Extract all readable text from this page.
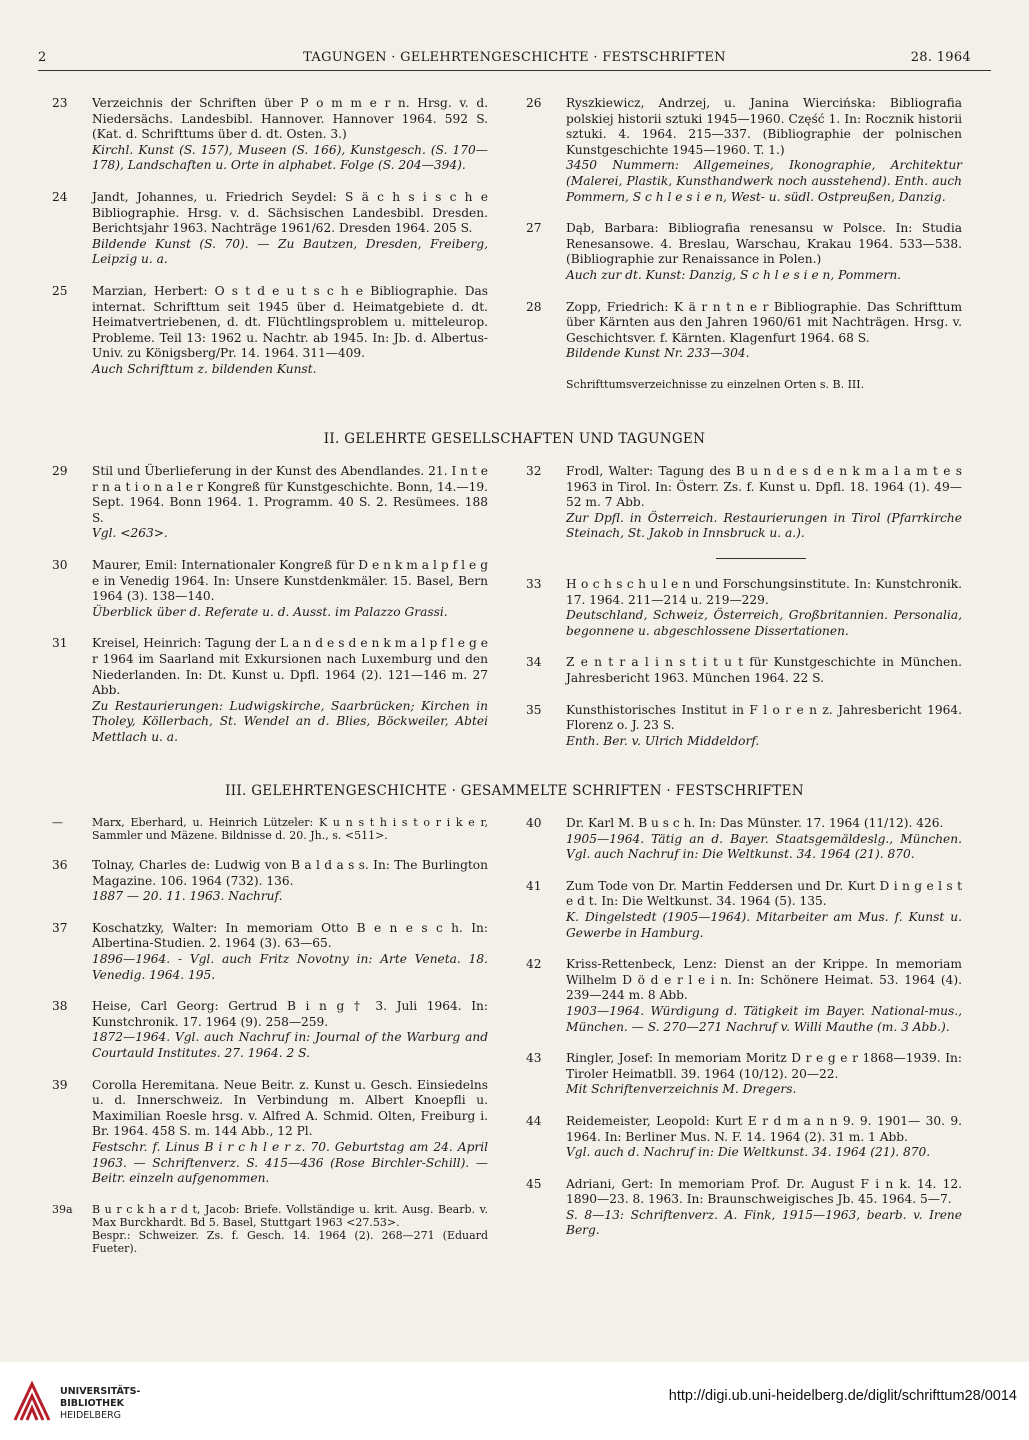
2	TAGUNGEN · GELEHRTENGESCHICHTE · FESTSCHRIFTEN	28. 1964
23	Verzeichnis der Schriften über P o m m e r n. Hrsg. v. d. Niedersächs. Landesbibl. Hannover. Hannover 1964. 592 S. (Kat. d. Schrifttums über d. dt. Osten. 3.)
Kirchl. Kunst (S. 157), Museen (S. 166), Kunstgesch. (S. 170—178), Landschaften u. Orte in alphabet. Folge (S. 204—394).
24	Jandt, Johannes, u. Friedrich Seydel: S ä c h s i s c h e Bibliographie. Hrsg. v. d. Sächsischen Landesbibl. Dresden. Berichtsjahr 1963. Nachträge 1961/62. Dresden 1964. 205 S.
Bildende Kunst (S. 70). — Zu Bautzen, Dresden, Freiberg, Leipzig u. a.
25	Marzian, Herbert: O s t d e u t s c h e Bibliographie. Das internat. Schrifttum seit 1945 über d. Heimatgebiete d. dt. Heimatvertriebenen, d. dt. Flüchtlingsproblem u. mitteleurop. Probleme. Teil 13: 1962 u. Nachtr. ab 1945. In: Jb. d. Albertus-Univ. zu Königsberg/Pr. 14. 1964. 311—409.
Auch Schrifttum z. bildenden Kunst.
26	Ryszkiewicz, Andrzej, u. Janina Wiercińska: Bibliografia polskiej historii sztuki 1945—1960. Część 1. In: Rocznik historii sztuki. 4. 1964. 215—337. (Bibliographie der polnischen Kunstgeschichte 1945—1960. T. 1.)
3450 Nummern: Allgemeines, Ikonographie, Architektur (Malerei, Plastik, Kunsthandwerk noch ausstehend). Enth. auch Pommern, S c h l e s i e n, West- u. südl. Ostpreußen, Danzig.
27	Dąb, Barbara: Bibliografia renesansu w Polsce. In: Studia Renesansowe. 4. Breslau, Warschau, Krakau 1964. 533—538. (Bibliographie zur Renaissance in Polen.)
Auch zur dt. Kunst: Danzig, S c h l e s i e n, Pommern.
28	Zopp, Friedrich: K ä r n t n e r Bibliographie. Das Schrifttum über Kärnten aus den Jahren 1960/61 mit Nachträgen. Hrsg. v. Geschichtsver. f. Kärnten. Klagenfurt 1964. 68 S.
Bildende Kunst Nr. 233—304.
Schrifttumsverzeichnisse zu einzelnen Orten s. B. III.
II. GELEHRTE GESELLSCHAFTEN UND TAGUNGEN
29	Stil und Überlieferung in der Kunst des Abendlandes. 21. I n t e r n a t i o n a l e r Kongreß für Kunstgeschichte. Bonn, 14.—19. Sept. 1964. Bonn 1964. 1. Programm. 40 S. 2. Resümees. 188 S.
Vgl. <263>.
30	Maurer, Emil: Internationaler Kongreß für D e n k m a l p f l e g e in Venedig 1964. In: Unsere Kunstdenkmäler. 15. Basel, Bern 1964 (3). 138—140.
Überblick über d. Referate u. d. Ausst. im Palazzo Grassi.
31	Kreisel, Heinrich: Tagung der L a n d e s d e n k m a l p f l e g e r 1964 im Saarland mit Exkursionen nach Luxemburg und den Niederlanden. In: Dt. Kunst u. Dpfl. 1964 (2). 121—146 m. 27 Abb.
Zu Restaurierungen: Ludwigskirche, Saarbrücken; Kirchen in Tholey, Köllerbach, St. Wendel an d. Blies, Böckweiler, Abtei Mettlach u. a.
32	Frodl, Walter: Tagung des B u n d e s d e n k m a l a m t e s 1963 in Tirol. In: Österr. Zs. f. Kunst u. Dpfl. 18. 1964 (1). 49—52 m. 7 Abb.
Zur Dpfl. in Österreich. Restaurierungen in Tirol (Pfarrkirche Steinach, St. Jakob in Innsbruck u. a.).
33	H o c h s c h u l e n und Forschungsinstitute. In: Kunstchronik. 17. 1964. 211—214 u. 219—229.
Deutschland, Schweiz, Österreich, Großbritannien. Personalia, begonnene u. abgeschlossene Dissertationen.
34	Z e n t r a l i n s t i t u t für Kunstgeschichte in München. Jahresbericht 1963. München 1964. 22 S.
35	Kunsthistorisches Institut in F l o r e n z. Jahresbericht 1964. Florenz o. J. 23 S.
Enth. Ber. v. Ulrich Middeldorf.
III. GELEHRTENGESCHICHTE · GESAMMELTE SCHRIFTEN · FESTSCHRIFTEN
—	Marx, Eberhard, u. Heinrich Lützeler: K u n s t h i s t o r i k e r, Sammler und Mäzene. Bildnisse d. 20. Jh., s. <511>.
36	Tolnay, Charles de: Ludwig von B a l d a s s. In: The Burlington Magazine. 106. 1964 (732). 136.
1887 — 20. 11. 1963. Nachruf.
37	Koschatzky, Walter: In memoriam Otto B e n e s c h. In: Albertina-Studien. 2. 1964 (3). 63—65.
1896—1964. - Vgl. auch Fritz Novotny in: Arte Veneta. 18. Venedig. 1964. 195.
38	Heise, Carl Georg: Gertrud B i n g † 3. Juli 1964. In: Kunstchronik. 17. 1964 (9). 258—259.
1872—1964. Vgl. auch Nachruf in: Journal of the Warburg and Courtauld Institutes. 27. 1964. 2 S.
39	Corolla Heremitana. Neue Beitr. z. Kunst u. Gesch. Einsiedelns u. d. Innerschweiz. In Verbindung m. Albert Knoepfli u. Maximilian Roesle hrsg. v. Alfred A. Schmid. Olten, Freiburg i. Br. 1964. 458 S. m. 144 Abb., 12 Pl.
Festschr. f. Linus B i r c h l e r z. 70. Geburtstag am 24. April 1963. — Schriftenverz. S. 415—436 (Rose Birchler-Schill). — Beitr. einzeln aufgenommen.
39a	B u r c k h a r d t, Jacob: Briefe. Vollständige u. krit. Ausg. Bearb. v. Max Burckhardt. Bd 5. Basel, Stuttgart 1963 <27.53>.
Bespr.: Schweizer. Zs. f. Gesch. 14. 1964 (2). 268—271 (Eduard Fueter).
40	Dr. Karl M. B u s c h. In: Das Münster. 17. 1964 (11/12). 426.
1905—1964. Tätig an d. Bayer. Staatsgemäldeslg., München. Vgl. auch Nachruf in: Die Weltkunst. 34. 1964 (21). 870.
41	Zum Tode von Dr. Martin Feddersen und Dr. Kurt D i n g e l s t e d t. In: Die Weltkunst. 34. 1964 (5). 135.
K. Dingelstedt (1905—1964). Mitarbeiter am Mus. f. Kunst u. Gewerbe in Hamburg.
42	Kriss-Rettenbeck, Lenz: Dienst an der Krippe. In memoriam Wilhelm D ö d e r l e i n. In: Schönere Heimat. 53. 1964 (4). 239—244 m. 8 Abb.
1903—1964. Würdigung d. Tätigkeit im Bayer. National-mus., München. — S. 270—271 Nachruf v. Willi Mauthe (m. 3 Abb.).
43	Ringler, Josef: In memoriam Moritz D r e g e r 1868—1939. In: Tiroler Heimatbll. 39. 1964 (10/12). 20—22.
Mit Schriftenverzeichnis M. Dregers.
44	Reidemeister, Leopold: Kurt E r d m a n n 9. 9. 1901— 30. 9. 1964. In: Berliner Mus. N. F. 14. 1964 (2). 31 m. 1 Abb.
Vgl. auch d. Nachruf in: Die Weltkunst. 34. 1964 (21). 870.
45	Adriani, Gert: In memoriam Prof. Dr. August F i n k. 14. 12. 1890—23. 8. 1963. In: Braunschweigisches Jb. 45. 1964. 5—7.
S. 8—13: Schriftenverz. A. Fink, 1915—1963, bearb. v. Irene Berg.
UNIVERSITÄTS-
BIBLIOTHEK
HEIDELBERG
http://digi.ub.uni-heidelberg.de/diglit/schrifttum28/0014
